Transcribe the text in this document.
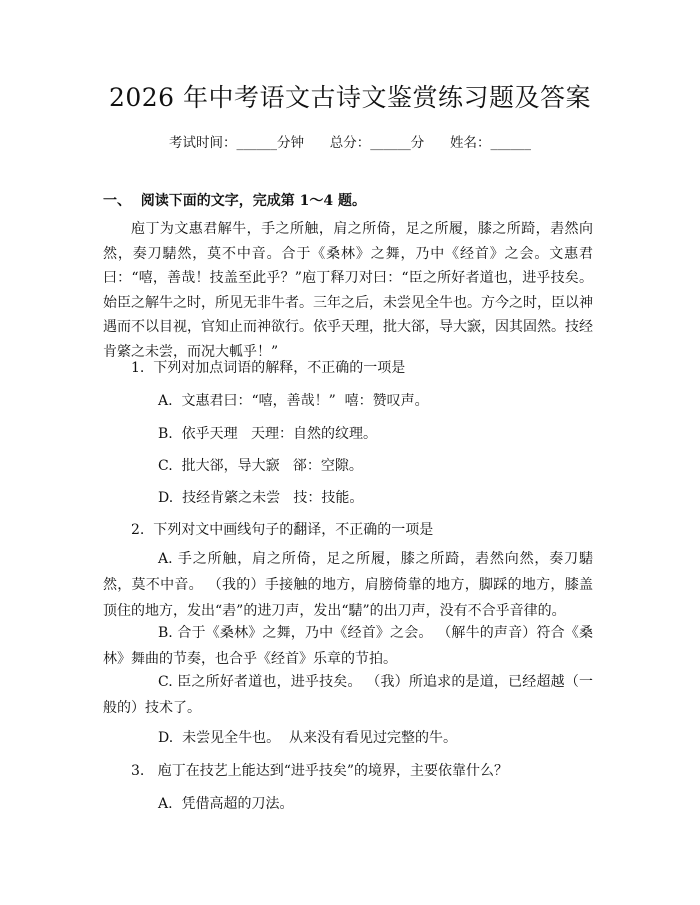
2026 年中考语文古诗文鉴赏练习题及答案
考试时间：______分钟 总分：______分 姓名：______
一、  阅读下面的文字，完成第 1～4 题。

庖丁为文惠君解牛，手之所触，肩之所倚，足之所履，膝之所踦，砉然向然，奏刀騞然，莫不中音。合于《桑林》之舞，乃中《经首》之会。文惠君曰：“嘻，善哉！技盖至此乎？”庖丁释刀对曰：“臣之所好者道也，进乎技矣。始臣之解牛之时，所见无非牛者。三年之后，未尝见全牛也。方今之时，臣以神遇而不以目视，官知止而神欲行。依乎天理，批大郤，导大窾，因其固然。技经肯綮之未尝，而况大軱乎！”

1.  下列对加点词语的解释，不正确的一项是
A.  文惠君曰：“嘻，善哉！”  嘻：赞叹声。
B.  依乎天理   天理：自然的纹理。
C.  批大郤，导大窾   郤：空隙。
D.  技经肯綮之未尝   技：技能。
2.  下列对文中画线句子的翻译，不正确的一项是

A. 手之所触，肩之所倚，足之所履，膝之所踦，砉然向然，奏刀騞然，莫不中音。 （我的）手接触的地方，肩膀倚靠的地方，脚踩的地方，膝盖顶住的地方，发出“砉”的进刀声，发出“騞”的出刀声，没有不合乎音律的。

B. 合于《桑林》之舞，乃中《经首》之会。 （解牛的声音）符合《桑林》舞曲的节奏，也合乎《经首》乐章的节拍。

C. 臣之所好者道也，进乎技矣。 （我）所追求的是道，已经超越（一般的）技术了。

D.  未尝见全牛也。  从来没有看见过完整的牛。
3.   庖丁在技艺上能达到“进乎技矣”的境界，主要依靠什么？
A.  凭借高超的刀法。
